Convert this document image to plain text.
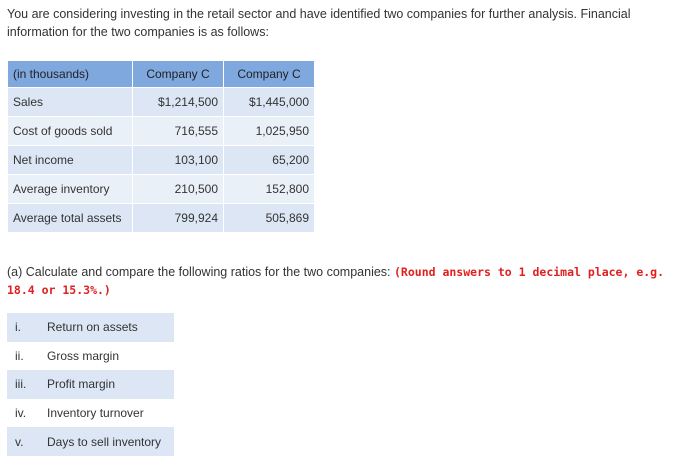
You are considering investing in the retail sector and have identified two companies for further analysis. Financial information for the two companies is as follows:
(in thousands)	Company C	Company C
Sales	$1,214,500	$1,445,000
Cost of goods sold	716,555	1,025,950
Net income	103,100	65,200
Average inventory	210,500	152,800
Average total assets	799,924	505,869
(a) Calculate and compare the following ratios for the two companies: (Round answers to 1 decimal place, e.g. 18.4 or 15.3%.)
i.	Return on assets
ii.	Gross margin
iii.	Profit margin
iv.	Inventory turnover
v.	Days to sell inventory
